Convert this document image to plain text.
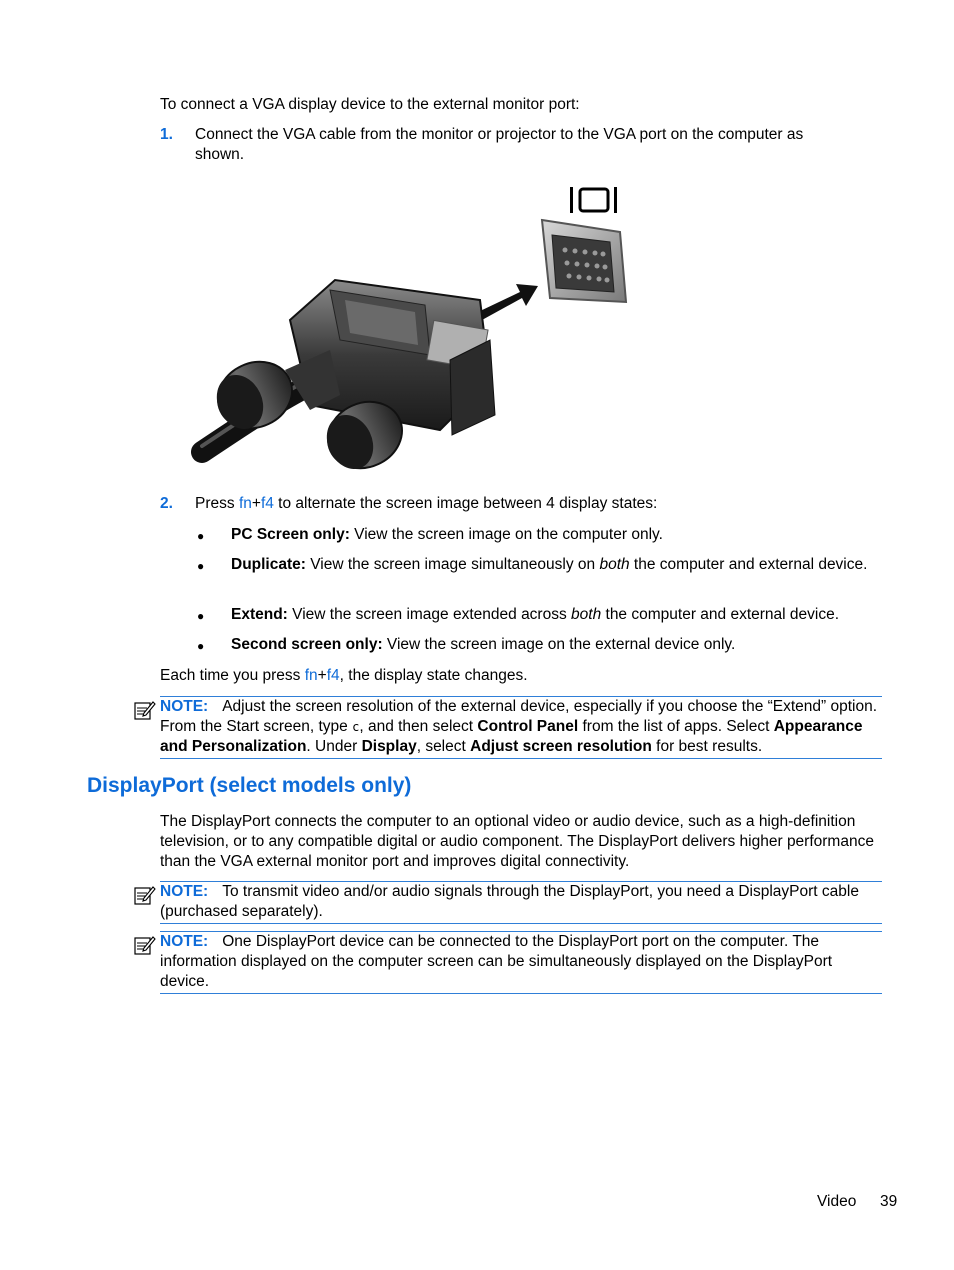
To connect a VGA display device to the external monitor port:
1. Connect the VGA cable from the monitor or projector to the VGA port on the computer as shown.
2. Press fn+f4 to alternate the screen image between 4 display states:
● PC Screen only: View the screen image on the computer only.
● Duplicate: View the screen image simultaneously on both the computer and external device.
● Extend: View the screen image extended across both the computer and external device.
● Second screen only: View the screen image on the external device only.
Each time you press fn+f4, the display state changes.
NOTE: Adjust the screen resolution of the external device, especially if you choose the “Extend” option. From the Start screen, type c, and then select Control Panel from the list of apps. Select Appearance and Personalization. Under Display, select Adjust screen resolution for best results.
DisplayPort (select models only)
The DisplayPort connects the computer to an optional video or audio device, such as a high-definition television, or to any compatible digital or audio component. The DisplayPort delivers higher performance than the VGA external monitor port and improves digital connectivity.
NOTE: To transmit video and/or audio signals through the DisplayPort, you need a DisplayPort cable (purchased separately).
NOTE: One DisplayPort device can be connected to the DisplayPort port on the computer. The information displayed on the computer screen can be simultaneously displayed on the DisplayPort device.
Video 39
